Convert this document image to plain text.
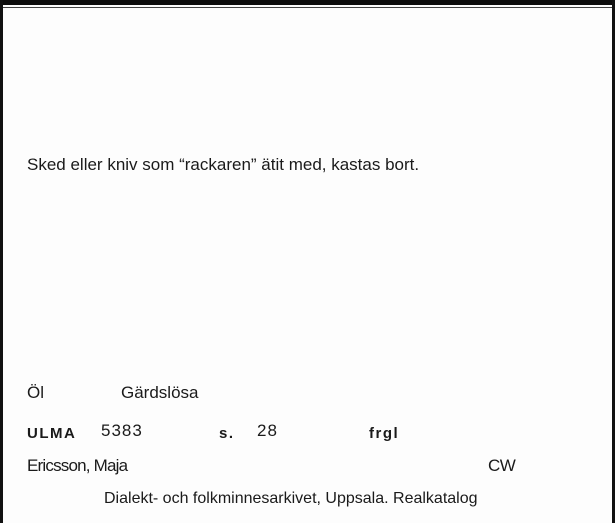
Sked eller kniv som “rackaren” ätit med, kastas bort.
Öl	Gärdslösa
ULMA 5383	s. 28	frgl
Ericsson, Maja	CW
Dialekt- och folkminnesarkivet, Uppsala. Realkatalog
